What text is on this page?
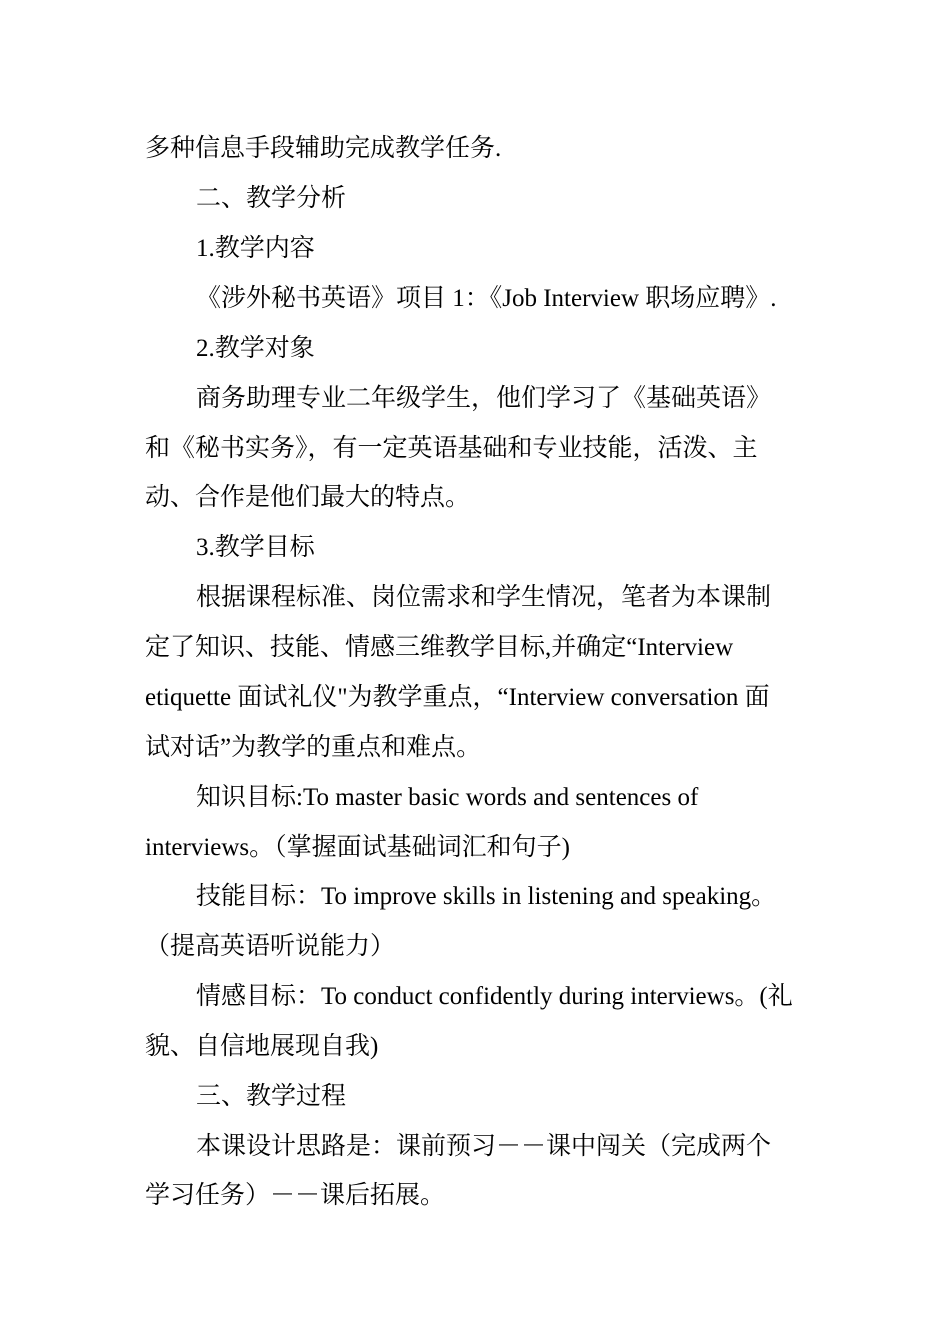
多种信息手段辅助完成教学任务.
二、教学分析
1.教学内容
《涉外秘书英语》项目 1：《Job Interview 职场应聘》.
2.教学对象
商务助理专业二年级学生，他们学习了《基础英语》
和《秘书实务》，有一定英语基础和专业技能，活泼、主
动、合作是他们最大的特点。
3.教学目标
根据课程标准、岗位需求和学生情况，笔者为本课制
定了知识、技能、情感三维教学目标,并确定“Interview
etiquette 面试礼仪"为教学重点，“Interview conversation 面
试对话”为教学的重点和难点。
知识目标:To master basic words and sentences of
interviews。（掌握面试基础词汇和句子)
技能目标：To improve skills in listening and speaking。
（提高英语听说能力）
情感目标：To conduct confidently during interviews。(礼
貌、自信地展现自我)
三、教学过程
本课设计思路是：课前预习－－课中闯关（完成两个
学习任务）－－课后拓展。
